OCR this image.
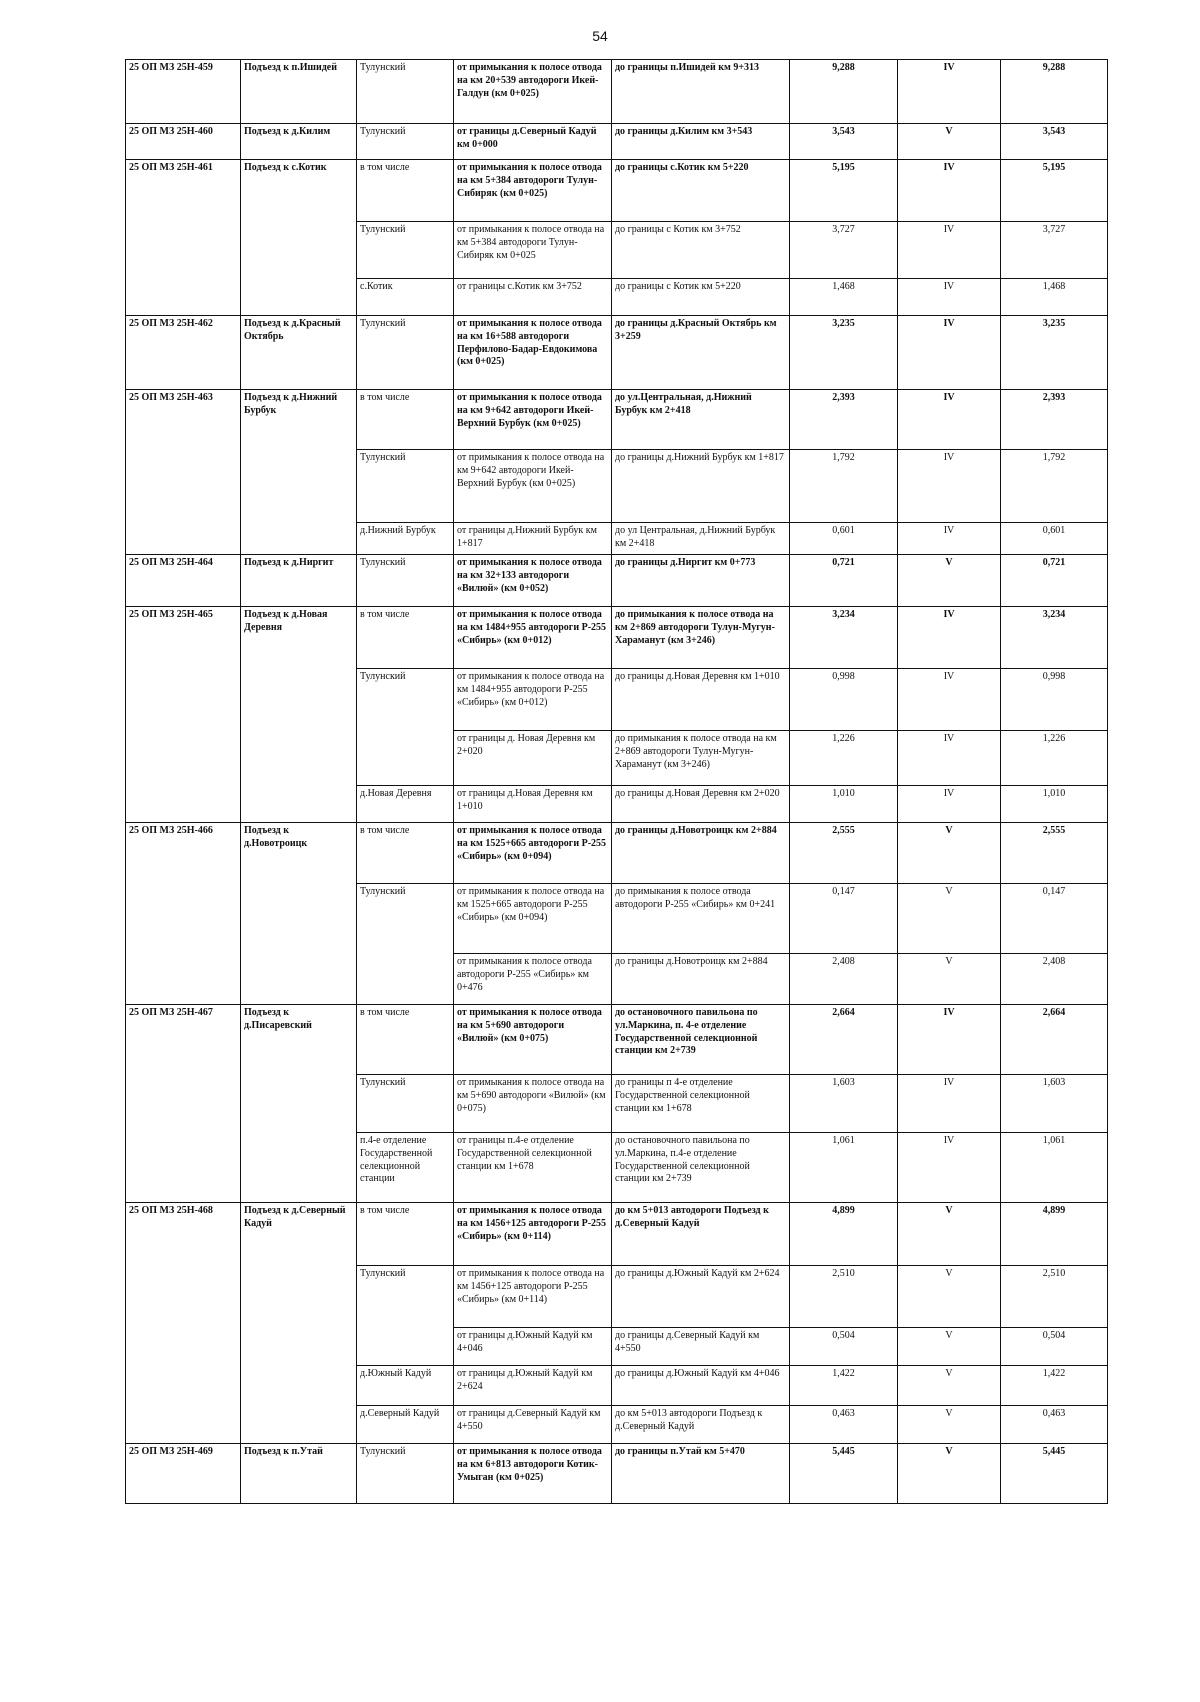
54
25 ОП МЗ 25Н-459	Подъезд к п.Ишидей	Тулунский	от примыкания к полосе отвода на км 20+539 автодороги Икей-Галдун (км 0+025)	до границы п.Ишидей км 9+313	9,288	IV	9,288
25 ОП МЗ 25Н-460	Подъезд к д.Килим	Тулунский	от границы д.Северный Кадуй км 0+000	до границы д.Килим км 3+543	3,543	V	3,543
25 ОП МЗ 25Н-461	Подъезд к с.Котик	в том числе	от примыкания к полосе отвода на км 5+384 автодороги Тулун-Сибиряк (км 0+025)	до границы с.Котик км 5+220	5,195	IV	5,195
		Тулунский	от примыкания к полосе отвода на км 5+384 автодороги Тулун-Сибиряк км 0+025	до границы с Котик км 3+752	3,727	IV	3,727
		с.Котик	от границы с.Котик км 3+752	до границы с Котик км 5+220	1,468	IV	1,468
25 ОП МЗ 25Н-462	Подъезд к д.Красный Октябрь	Тулунский	от примыкания к полосе отвода на км 16+588 автодороги Перфилово-Бадар-Евдокимова (км 0+025)	до границы д.Красный Октябрь км 3+259	3,235	IV	3,235
25 ОП МЗ 25Н-463	Подъезд к д.Нижний Бурбук	в том числе	от примыкания к полосе отвода на км 9+642 автодороги Икей-Верхний Бурбук (км 0+025)	до ул.Центральная, д.Нижний Бурбук км 2+418	2,393	IV	2,393
		Тулунский	от примыкания к полосе отвода на км 9+642 автодороги Икей-Верхний Бурбук (км 0+025)	до границы д.Нижний Бурбук км 1+817	1,792	IV	1,792
		д.Нижний Бурбук	от границы д.Нижний Бурбук км 1+817	до ул Центральная, д.Нижний Бурбук км 2+418	0,601	IV	0,601
25 ОП МЗ 25Н-464	Подъезд к д.Ниргит	Тулунский	от примыкания к полосе отвода на км 32+133 автодороги «Вилюй» (км 0+052)	до границы д.Ниргит км 0+773	0,721	V	0,721
25 ОП МЗ 25Н-465	Подъезд к д.Новая Деревня	в том числе	от примыкания к полосе отвода на км 1484+955 автодороги Р-255 «Сибирь» (км 0+012)	до примыкания к полосе отвода на км 2+869 автодороги Тулун-Мугун-Хараманут (км 3+246)	3,234	IV	3,234
		Тулунский	от примыкания к полосе отвода на км 1484+955 автодороги Р-255 «Сибирь» (км 0+012)	до границы д.Новая Деревня км 1+010	0,998	IV	0,998
			от границы д. Новая Деревня км 2+020	до примыкания к полосе отвода на км 2+869 автодороги Тулун-Мугун-Хараманут (км 3+246)	1,226	IV	1,226
		д.Новая Деревня	от границы д.Новая Деревня км 1+010	до границы д.Новая Деревня км 2+020	1,010	IV	1,010
25 ОП МЗ 25Н-466	Подъезд к д.Новотроицк	в том числе	от примыкания к полосе отвода на км 1525+665 автодороги Р-255 «Сибирь» (км 0+094)	до границы д.Новотроицк км 2+884	2,555	V	2,555
		Тулунский	от примыкания к полосе отвода на км 1525+665 автодороги Р-255 «Сибирь» (км 0+094)	до примыкания к полосе отвода автодороги Р-255 «Сибирь» км 0+241	0,147	V	0,147
			от примыкания к полосе отвода автодороги Р-255 «Сибирь» км 0+476	до границы д.Новотроицк км 2+884	2,408	V	2,408
25 ОП МЗ 25Н-467	Подъезд к д.Писаревский	в том числе	от примыкания к полосе отвода на км 5+690 автодороги «Вилюй» (км 0+075)	до остановочного павильона по ул.Маркина, п. 4-е отделение Государственной селекционной станции км 2+739	2,664	IV	2,664
		Тулунский	от примыкания к полосе отвода на км 5+690 автодороги «Вилюй» (км 0+075)	до границы п 4-е отделение Государственной селекционной станции км 1+678	1,603	IV	1,603
		п.4-е отделение Государственной селекционной станции	от границы п.4-е отделение Государственной селекционной станции км 1+678	до остановочного павильона по ул.Маркина, п.4-е отделение Государственной селекционной станции км 2+739	1,061	IV	1,061
25 ОП МЗ 25Н-468	Подъезд к д.Северный Кадуй	в том числе	от примыкания к полосе отвода на км 1456+125 автодороги Р-255 «Сибирь» (км 0+114)	до км 5+013 автодороги Подъезд к д.Северный Кадуй	4,899	V	4,899
		Тулунский	от примыкания к полосе отвода на км 1456+125 автодороги Р-255 «Сибирь» (км 0+114)	до границы д.Южный Кадуй км 2+624	2,510	V	2,510
			от границы д.Южный Кадуй км 4+046	до границы д.Северный Кадуй км 4+550	0,504	V	0,504
		д.Южный Кадуй	от границы д.Южный Кадуй км 2+624	до границы д.Южный Кадуй км 4+046	1,422	V	1,422
		д.Северный Кадуй	от границы д.Северный Кадуй км 4+550	до км 5+013 автодороги Подъезд к д.Северный Кадуй	0,463	V	0,463
25 ОП МЗ 25Н-469	Подъезд к п.Утай	Тулунский	от примыкания к полосе отвода на км 6+813 автодороги Котик-Умыган (км 0+025)	до границы п.Утай км 5+470	5,445	V	5,445
